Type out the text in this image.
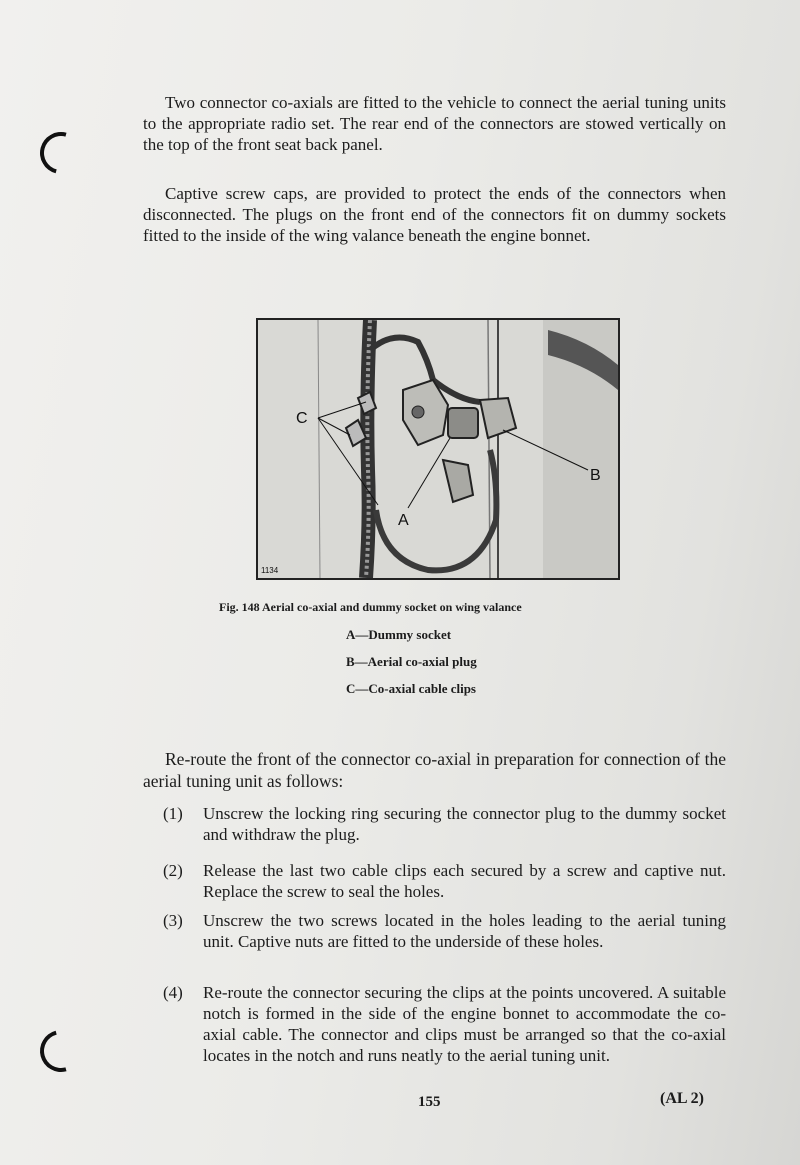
Two connector co-axials are fitted to the vehicle to connect the aerial tuning units to the appropriate radio set. The rear end of the connectors are stowed vertically on the top of the front seat back panel.

Captive screw caps, are provided to protect the ends of the connectors when disconnected. The plugs on the front end of the connectors fit on dummy sockets fitted to the inside of the wing valance beneath the engine bonnet.

C
A
B
1134

Fig. 148 Aerial co-axial and dummy socket on wing valance

A—Dummy socket

B—Aerial co-axial plug

C—Co-axial cable clips

Re-route the front of the connector co-axial in preparation for connection of the aerial tuning unit as follows:

(1) Unscrew the locking ring securing the connector plug to the dummy socket and withdraw the plug.
(2) Release the last two cable clips each secured by a screw and captive nut. Replace the screw to seal the holes.
(3) Unscrew the two screws located in the holes leading to the aerial tuning unit. Captive nuts are fitted to the underside of these holes.
(4) Re-route the connector securing the clips at the points uncovered. A suitable notch is formed in the side of the engine bonnet to accommodate the co-axial cable. The connector and clips must be arranged so that the co-axial locates in the notch and runs neatly to the aerial tuning unit.

155	(AL 2)
